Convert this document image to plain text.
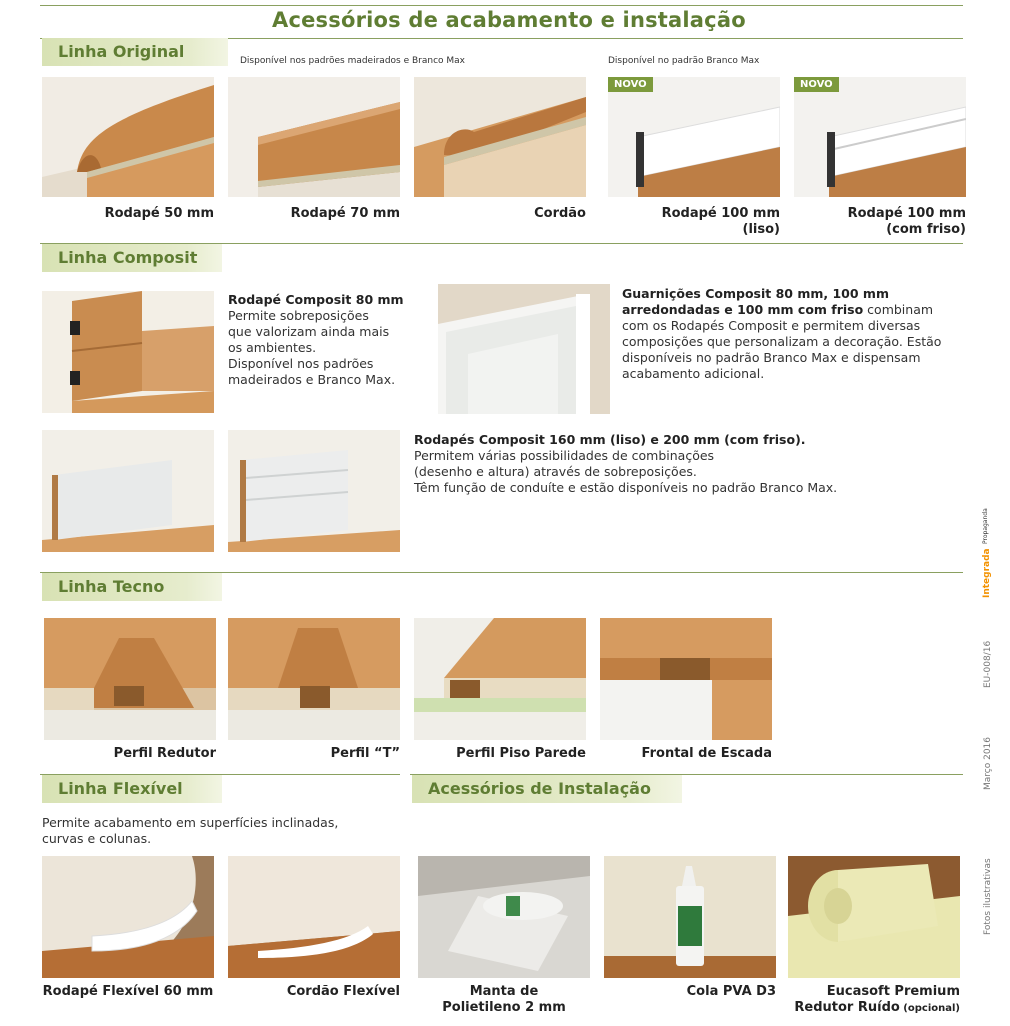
Acessórios de acabamento e instalação
Linha Original	Disponível nos padrões madeirados e Branco Max	Disponível no padrão Branco Max
NOVO	NOVO
Rodapé 50 mm	Rodapé 70 mm	Cordão	Rodapé 100 mm
(liso)
Rodapé 100 mm
(com friso)
Linha Composit
Rodapé Composit 80 mm
Permite sobreposições
que valorizam ainda mais
os ambientes.
Disponível nos padrões
madeirados e Branco Max.
Guarnições Composit 80 mm, 100 mm
arredondadas e 100 mm com friso combinam
com os Rodapés Composit e permitem diversas
composições que personalizam a decoração. Estão
disponíveis no padrão Branco Max e dispensam
acabamento adicional.
Rodapés Composit 160 mm (liso) e 200 mm (com friso).
Permitem várias possibilidades de combinações
(desenho e altura) através de sobreposições.
Têm função de conduíte e estão disponíveis no padrão Branco Max.
Linha Tecno
Perfil Redutor	Perfil “T”	Perfil Piso Parede	Frontal de Escada
Linha Flexível	Acessórios de Instalação
Permite acabamento em superfícies inclinadas,
curvas e colunas.
Rodapé Flexível 60 mm	Cordão Flexível	Manta de
Polietileno 2 mm
Cola PVA D3	Eucasoft Premium
Redutor Ruído (opcional)
Integrada
Propaganda
EU-008/16
Março 2016
Fotos ilustrativas
